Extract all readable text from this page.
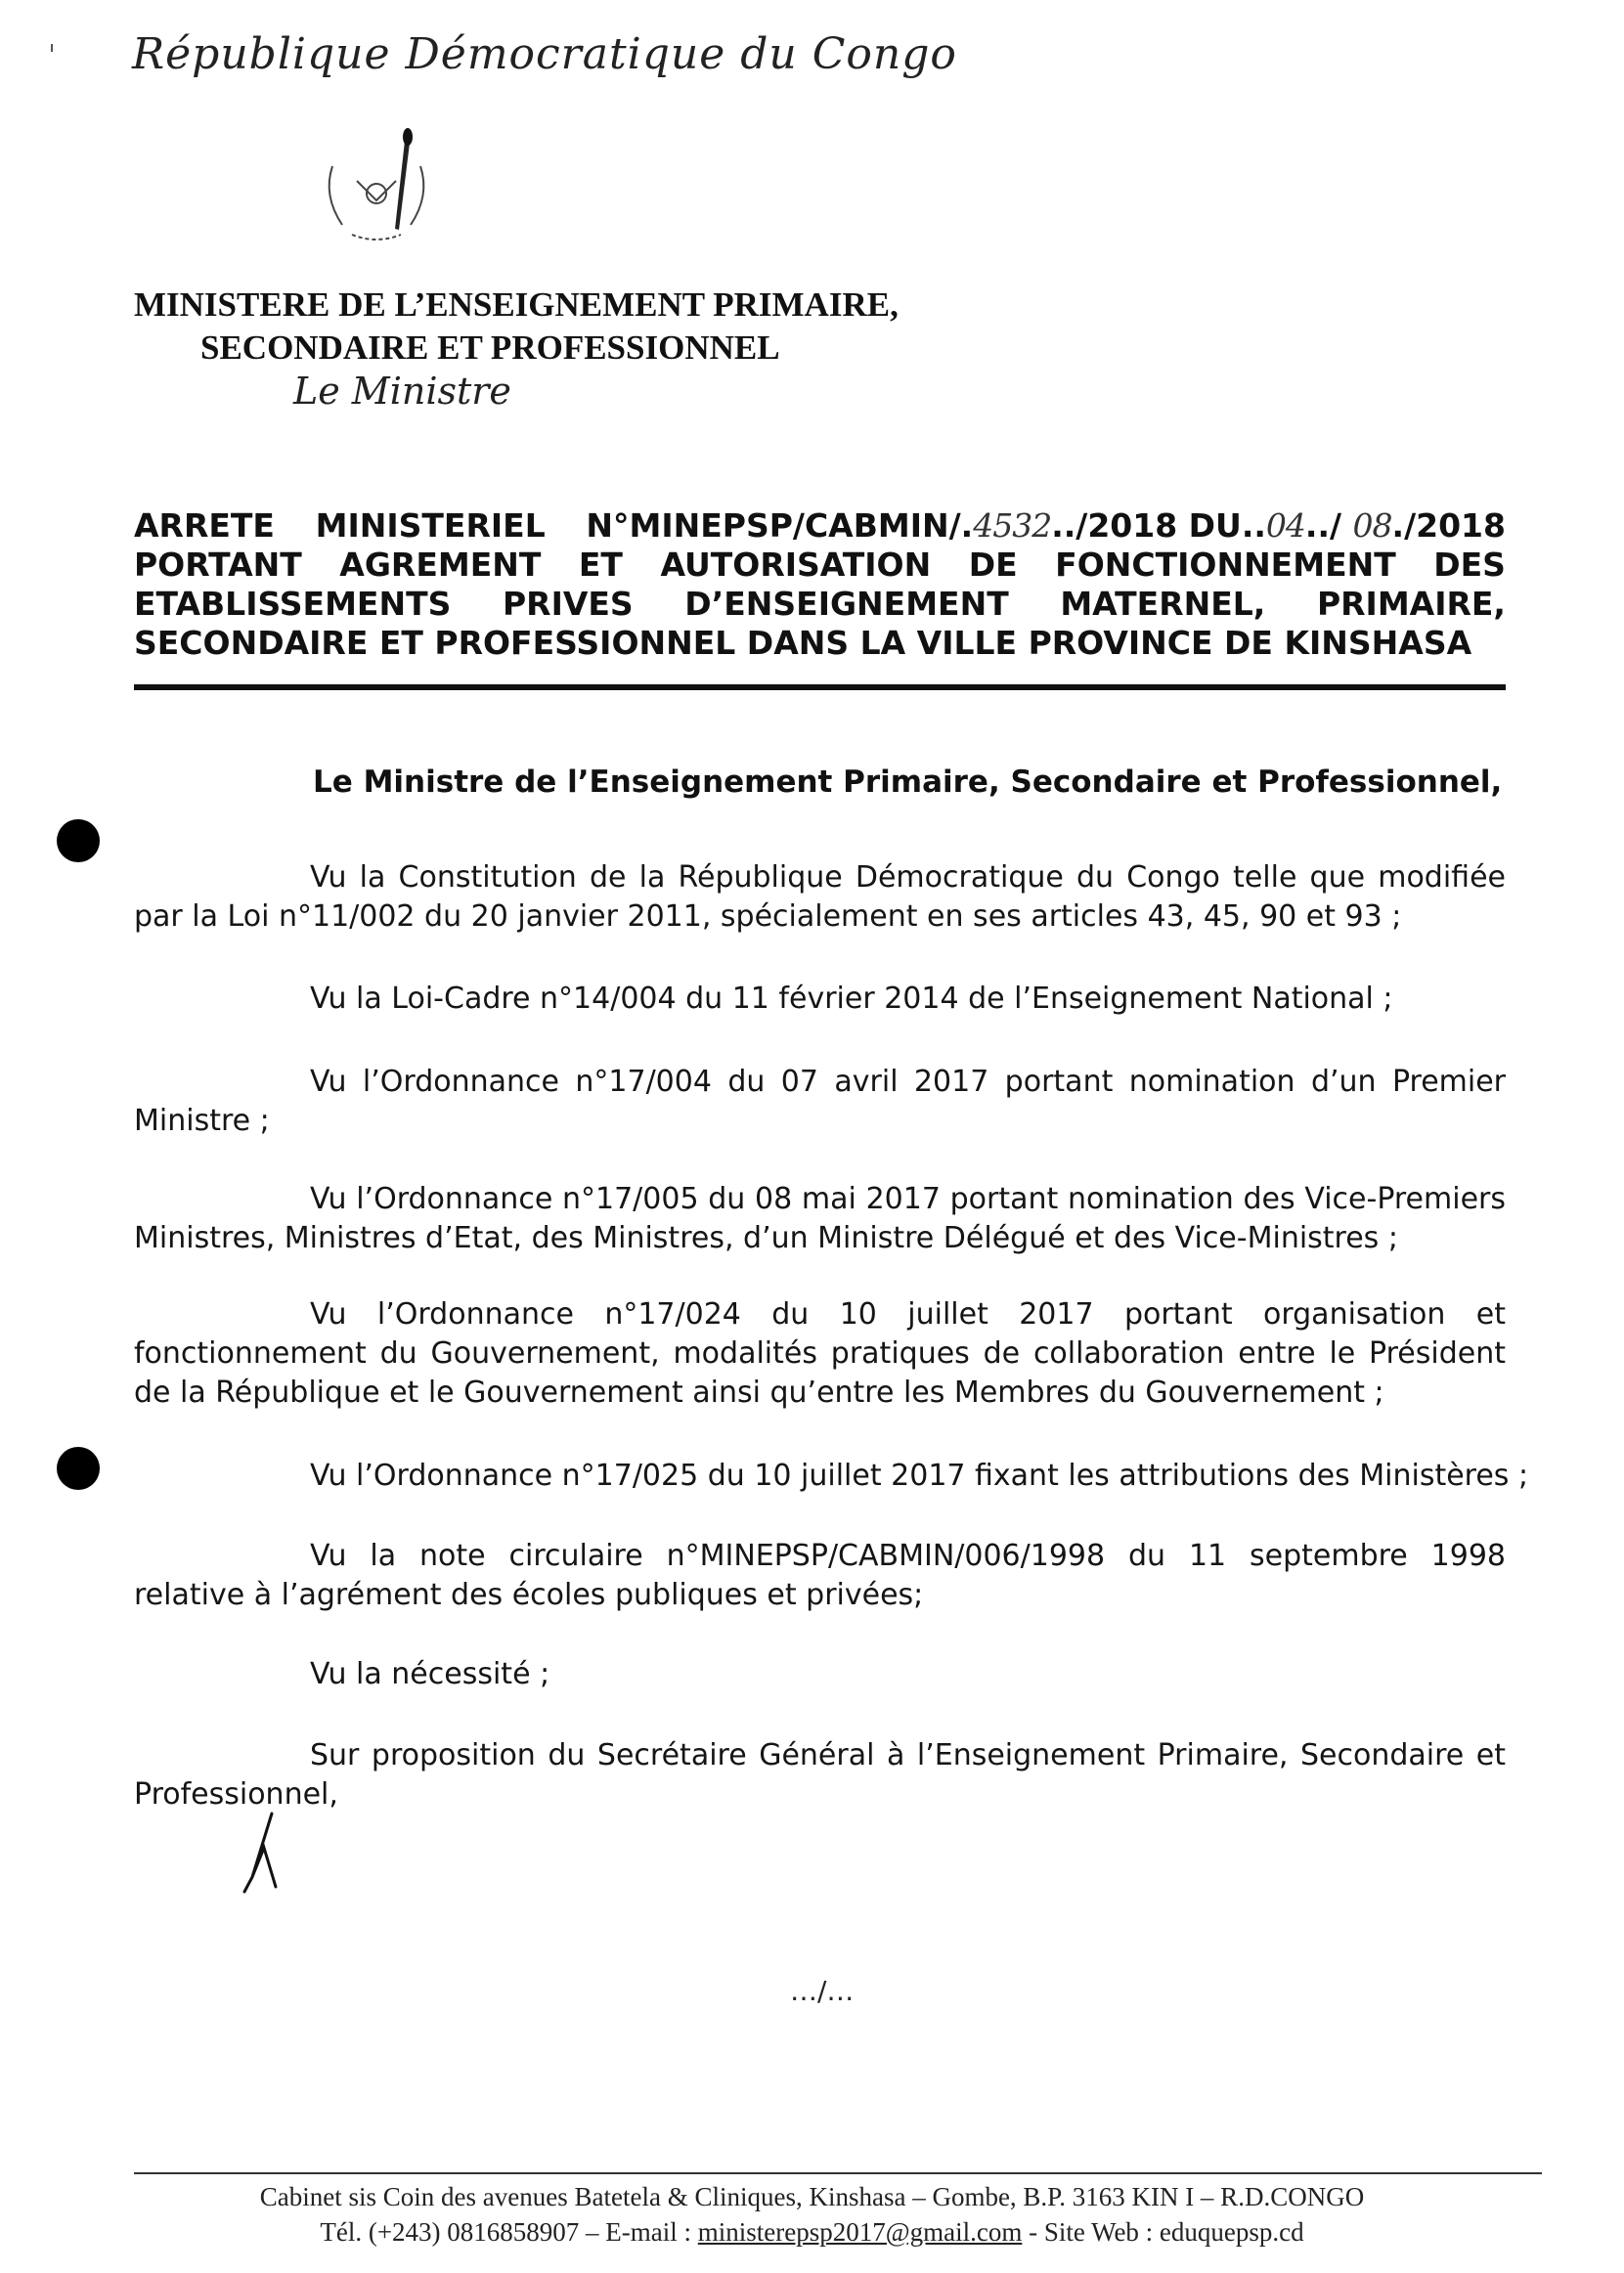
République Démocratique du Congo
MINISTERE DE L’ENSEIGNEMENT PRIMAIRE,
SECONDAIRE ET PROFESSIONNEL
Le Ministre
ARRETE MINISTERIEL N°MINEPSP/CABMIN/.4532../2018 DU..04../ 08./2018
PORTANT AGREMENT ET AUTORISATION DE FONCTIONNEMENT DES
ETABLISSEMENTS PRIVES D’ENSEIGNEMENT MATERNEL, PRIMAIRE,
SECONDAIRE ET PROFESSIONNEL DANS LA VILLE PROVINCE DE KINSHASA
Le Ministre de l’Enseignement Primaire, Secondaire et Professionnel,
Vu la Constitution de la République Démocratique du Congo telle que modifiée par la Loi n°11/002 du 20 janvier 2011, spécialement en ses articles 43, 45, 90 et 93 ;
Vu la Loi-Cadre n°14/004 du 11 février 2014 de l’Enseignement National ;
Vu l’Ordonnance n°17/004 du 07 avril 2017 portant nomination d’un Premier Ministre ;
Vu l’Ordonnance n°17/005 du 08 mai 2017 portant nomination des Vice-Premiers Ministres, Ministres d’Etat, des Ministres, d’un Ministre Délégué et des Vice-Ministres ;
Vu l’Ordonnance n°17/024 du 10 juillet 2017 portant organisation et fonctionnement du Gouvernement, modalités pratiques de collaboration entre le Président de la République et le Gouvernement ainsi qu’entre les Membres du Gouvernement ;
Vu l’Ordonnance n°17/025 du 10 juillet 2017 fixant les attributions des Ministères ;
Vu la note circulaire n°MINEPSP/CABMIN/006/1998 du 11 septembre 1998 relative à l’agrément des écoles publiques et privées;
Vu la nécessité ;
Sur proposition du Secrétaire Général à l’Enseignement Primaire, Secondaire et Professionnel,
…/…
Cabinet sis Coin des avenues Batetela & Cliniques, Kinshasa – Gombe, B.P. 3163 KIN I – R.D.CONGO
Tél. (+243) 0816858907 – E-mail : ministerepsp2017@gmail.com - Site Web : eduquepsp.cd
